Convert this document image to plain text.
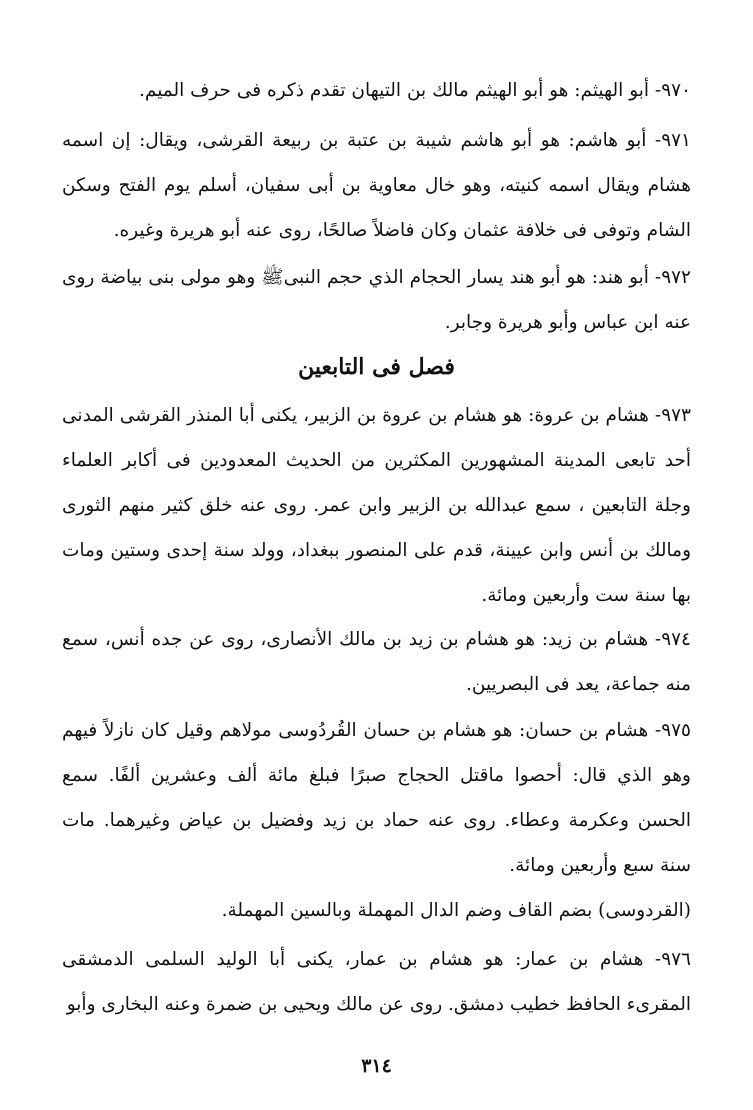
٩٧٠- أبو الهيثم: هو أبو الهيثم مالك بن التيهان تقدم ذكره فى حرف الميم.

٩٧١- أبو هاشم: هو أبو هاشم شيبة بن عتبة بن ربيعة القرشى، ويقال: إن اسمه هشام ويقال اسمه كنيته، وهو خال معاوية بن أبى سفيان، أسلم يوم الفتح وسكن الشام وتوفى فى خلافة عثمان وكان فاضلاً صالحًا، روى عنه أبو هريرة وغيره.

٩٧٢- أبو هند: هو أبو هند يسار الحجام الذي حجم النبىﷺ وهو مولى بنى بياضة روى عنه ابن عباس وأبو هريرة وجابر.

فصل فى التابعين

٩٧٣- هشام بن عروة: هو هشام بن عروة بن الزبير، يكنى أبا المنذر القرشى المدنى أحد تابعى المدينة المشهورين المكثرين من الحديث المعدودين فى أكابر العلماء وجلة التابعين ، سمع عبدالله بن الزبير وابن عمر. روى عنه خلق كثير منهم الثورى ومالك بن أنس وابن عيينة، قدم على المنصور ببغداد، وولد سنة إحدى وستين ومات بها سنة ست وأربعين ومائة.

٩٧٤- هشام بن زيد: هو هشام بن زيد بن مالك الأنصارى، روى عن جده أنس، سمع منه جماعة، يعد فى البصريين.

٩٧٥- هشام بن حسان: هو هشام بن حسان القُردُوسى مولاهم وقيل كان نازلاً فيهم وهو الذي قال: أحصوا ماقتل الحجاج صبرًا فبلغ مائة ألف وعشرين ألفًا. سمع الحسن وعكرمة وعطاء. روى عنه حماد بن زيد وفضيل بن عياض وغيرهما. مات سنة سبع وأربعين ومائة.

(القردوسى) بضم القاف وضم الدال المهملة وبالسين المهملة.

٩٧٦- هشام بن عمار: هو هشام بن عمار، يكنى أبا الوليد السلمى الدمشقى المقرىء الحافظ خطيب دمشق. روى عن مالك ويحيى بن ضمرة وعنه البخارى وأبو

٣١٤
